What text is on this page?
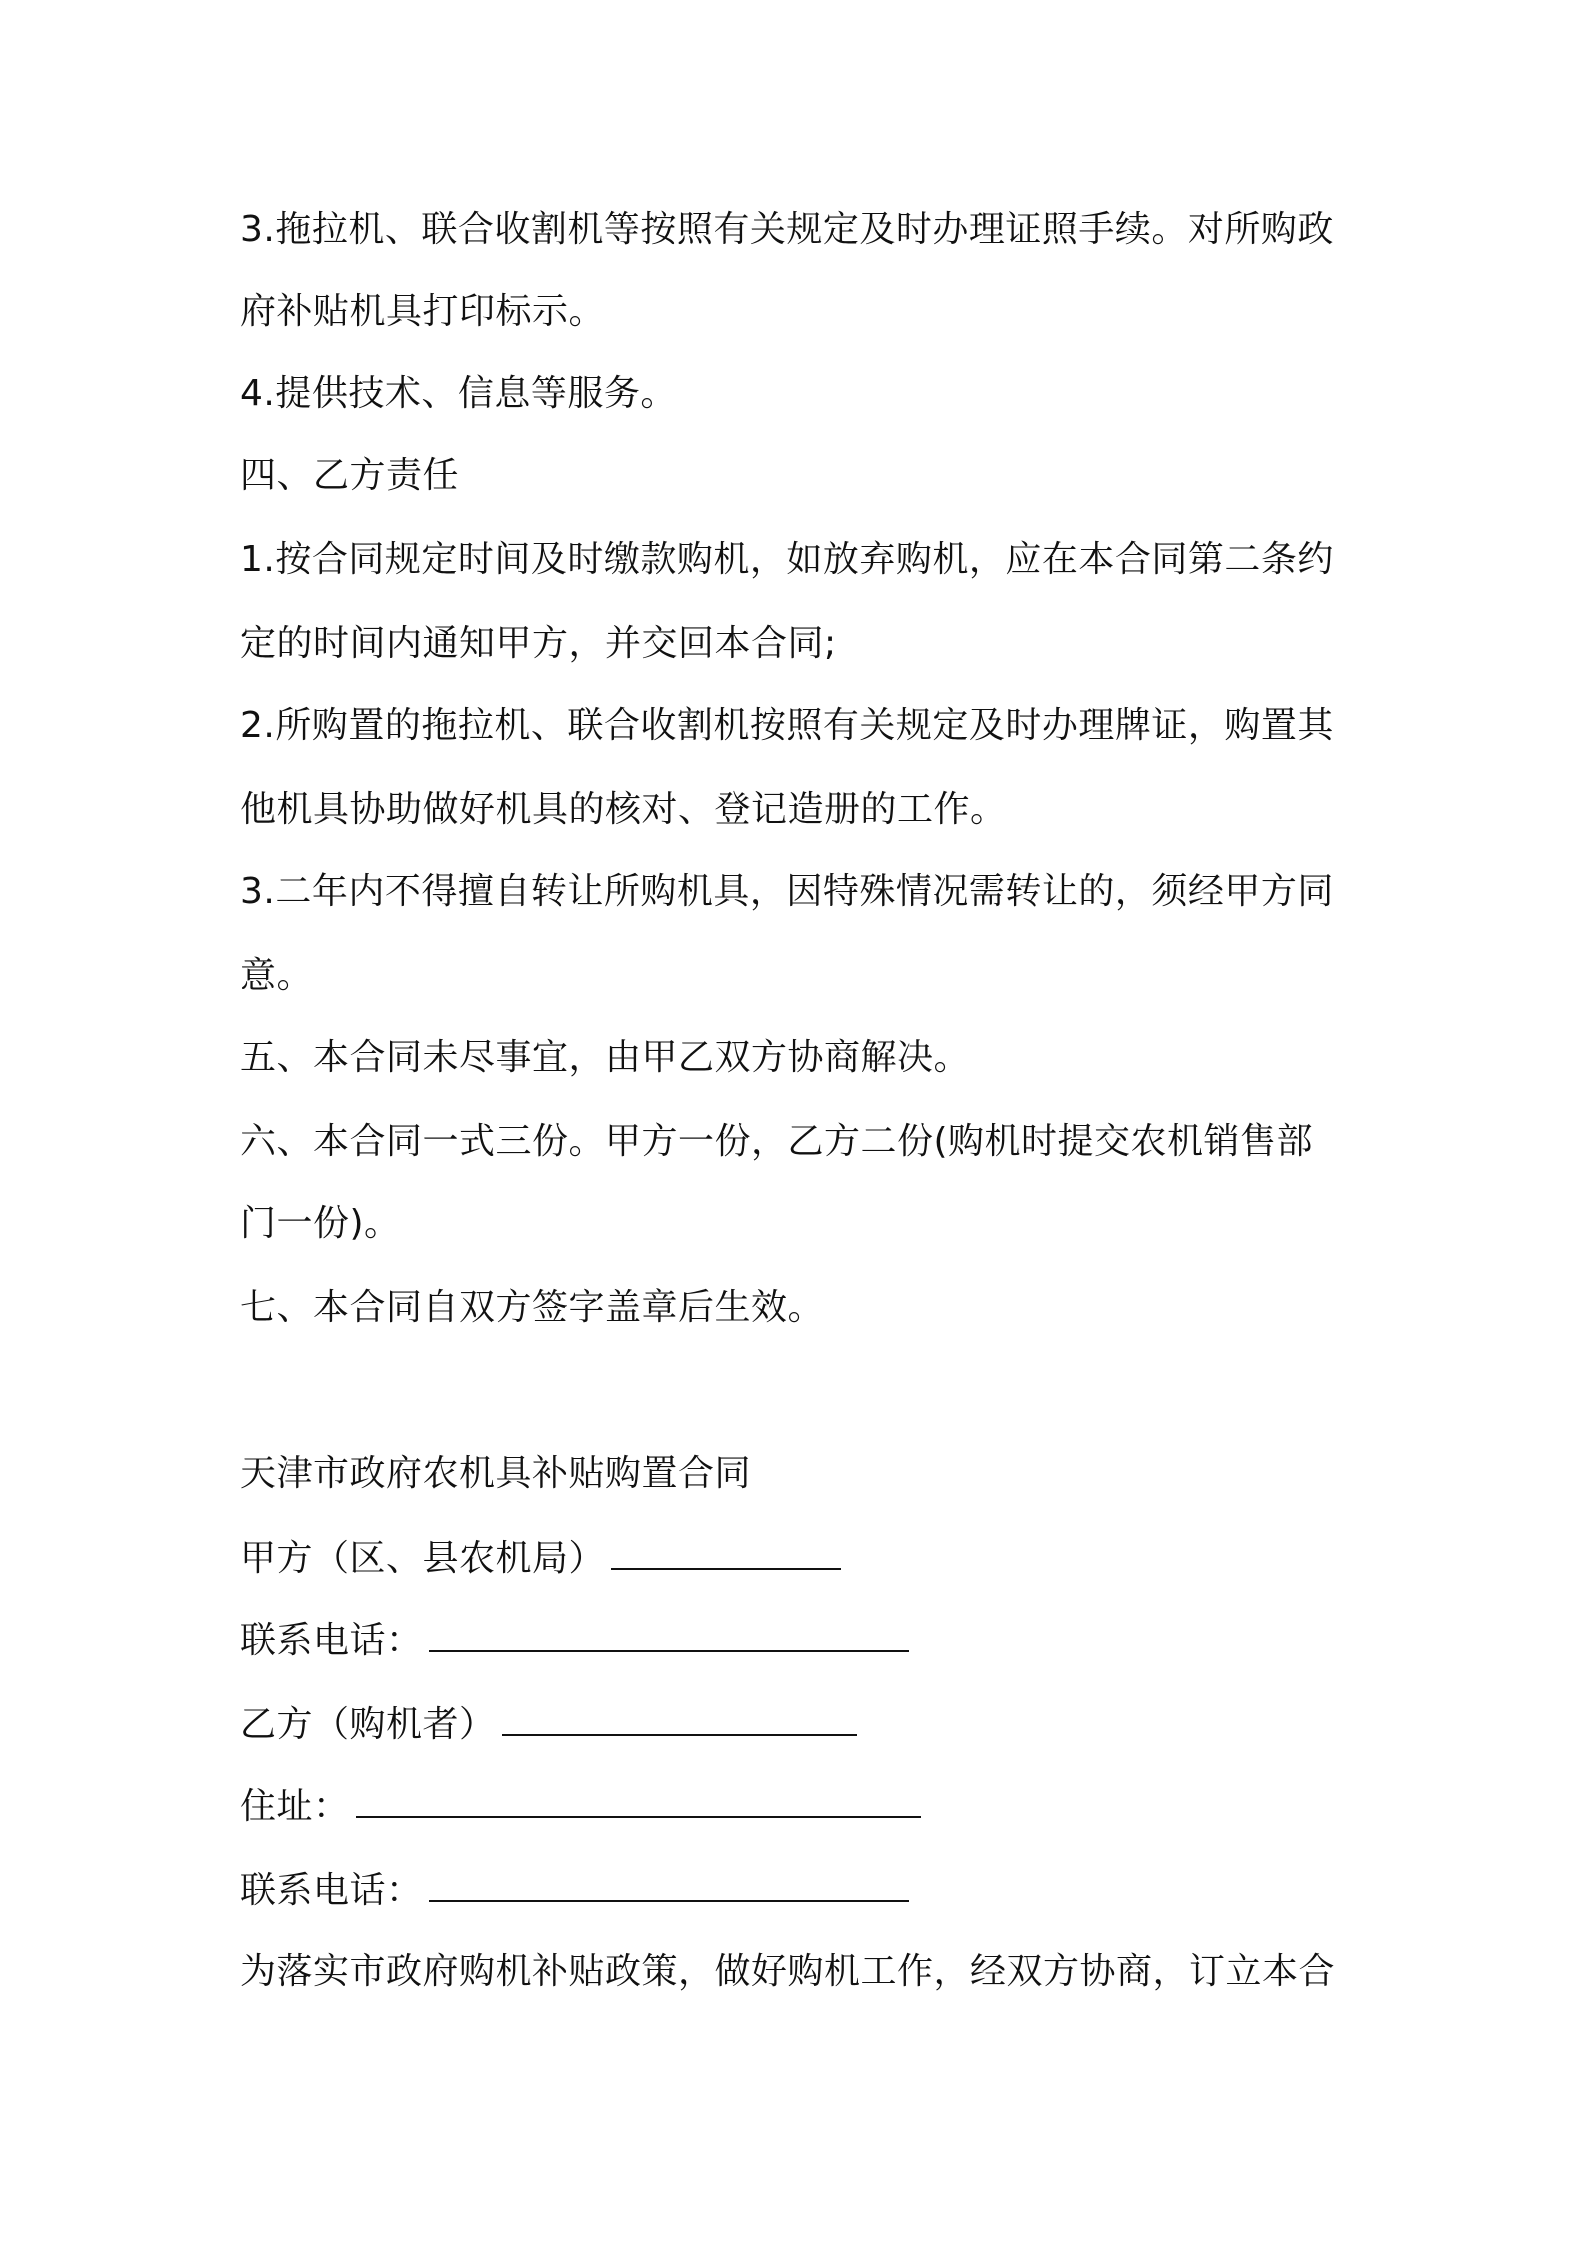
3.拖拉机、联合收割机等按照有关规定及时办理证照手续。对所购政
府补贴机具打印标示。
4.提供技术、信息等服务。
四、乙方责任
1.按合同规定时间及时缴款购机，如放弃购机，应在本合同第二条约
定的时间内通知甲方，并交回本合同;
2.所购置的拖拉机、联合收割机按照有关规定及时办理牌证，购置其
他机具协助做好机具的核对、登记造册的工作。
3.二年内不得擅自转让所购机具，因特殊情况需转让的，须经甲方同
意。
五、本合同未尽事宜，由甲乙双方协商解决。
六、本合同一式三份。甲方一份，乙方二份(购机时提交农机销售部
门一份)。
七、本合同自双方签字盖章后生效。
天津市政府农机具补贴购置合同
甲方（区、县农机局）
联系电话：
乙方（购机者）
住址：
联系电话：
为落实市政府购机补贴政策，做好购机工作，经双方协商，订立本合
